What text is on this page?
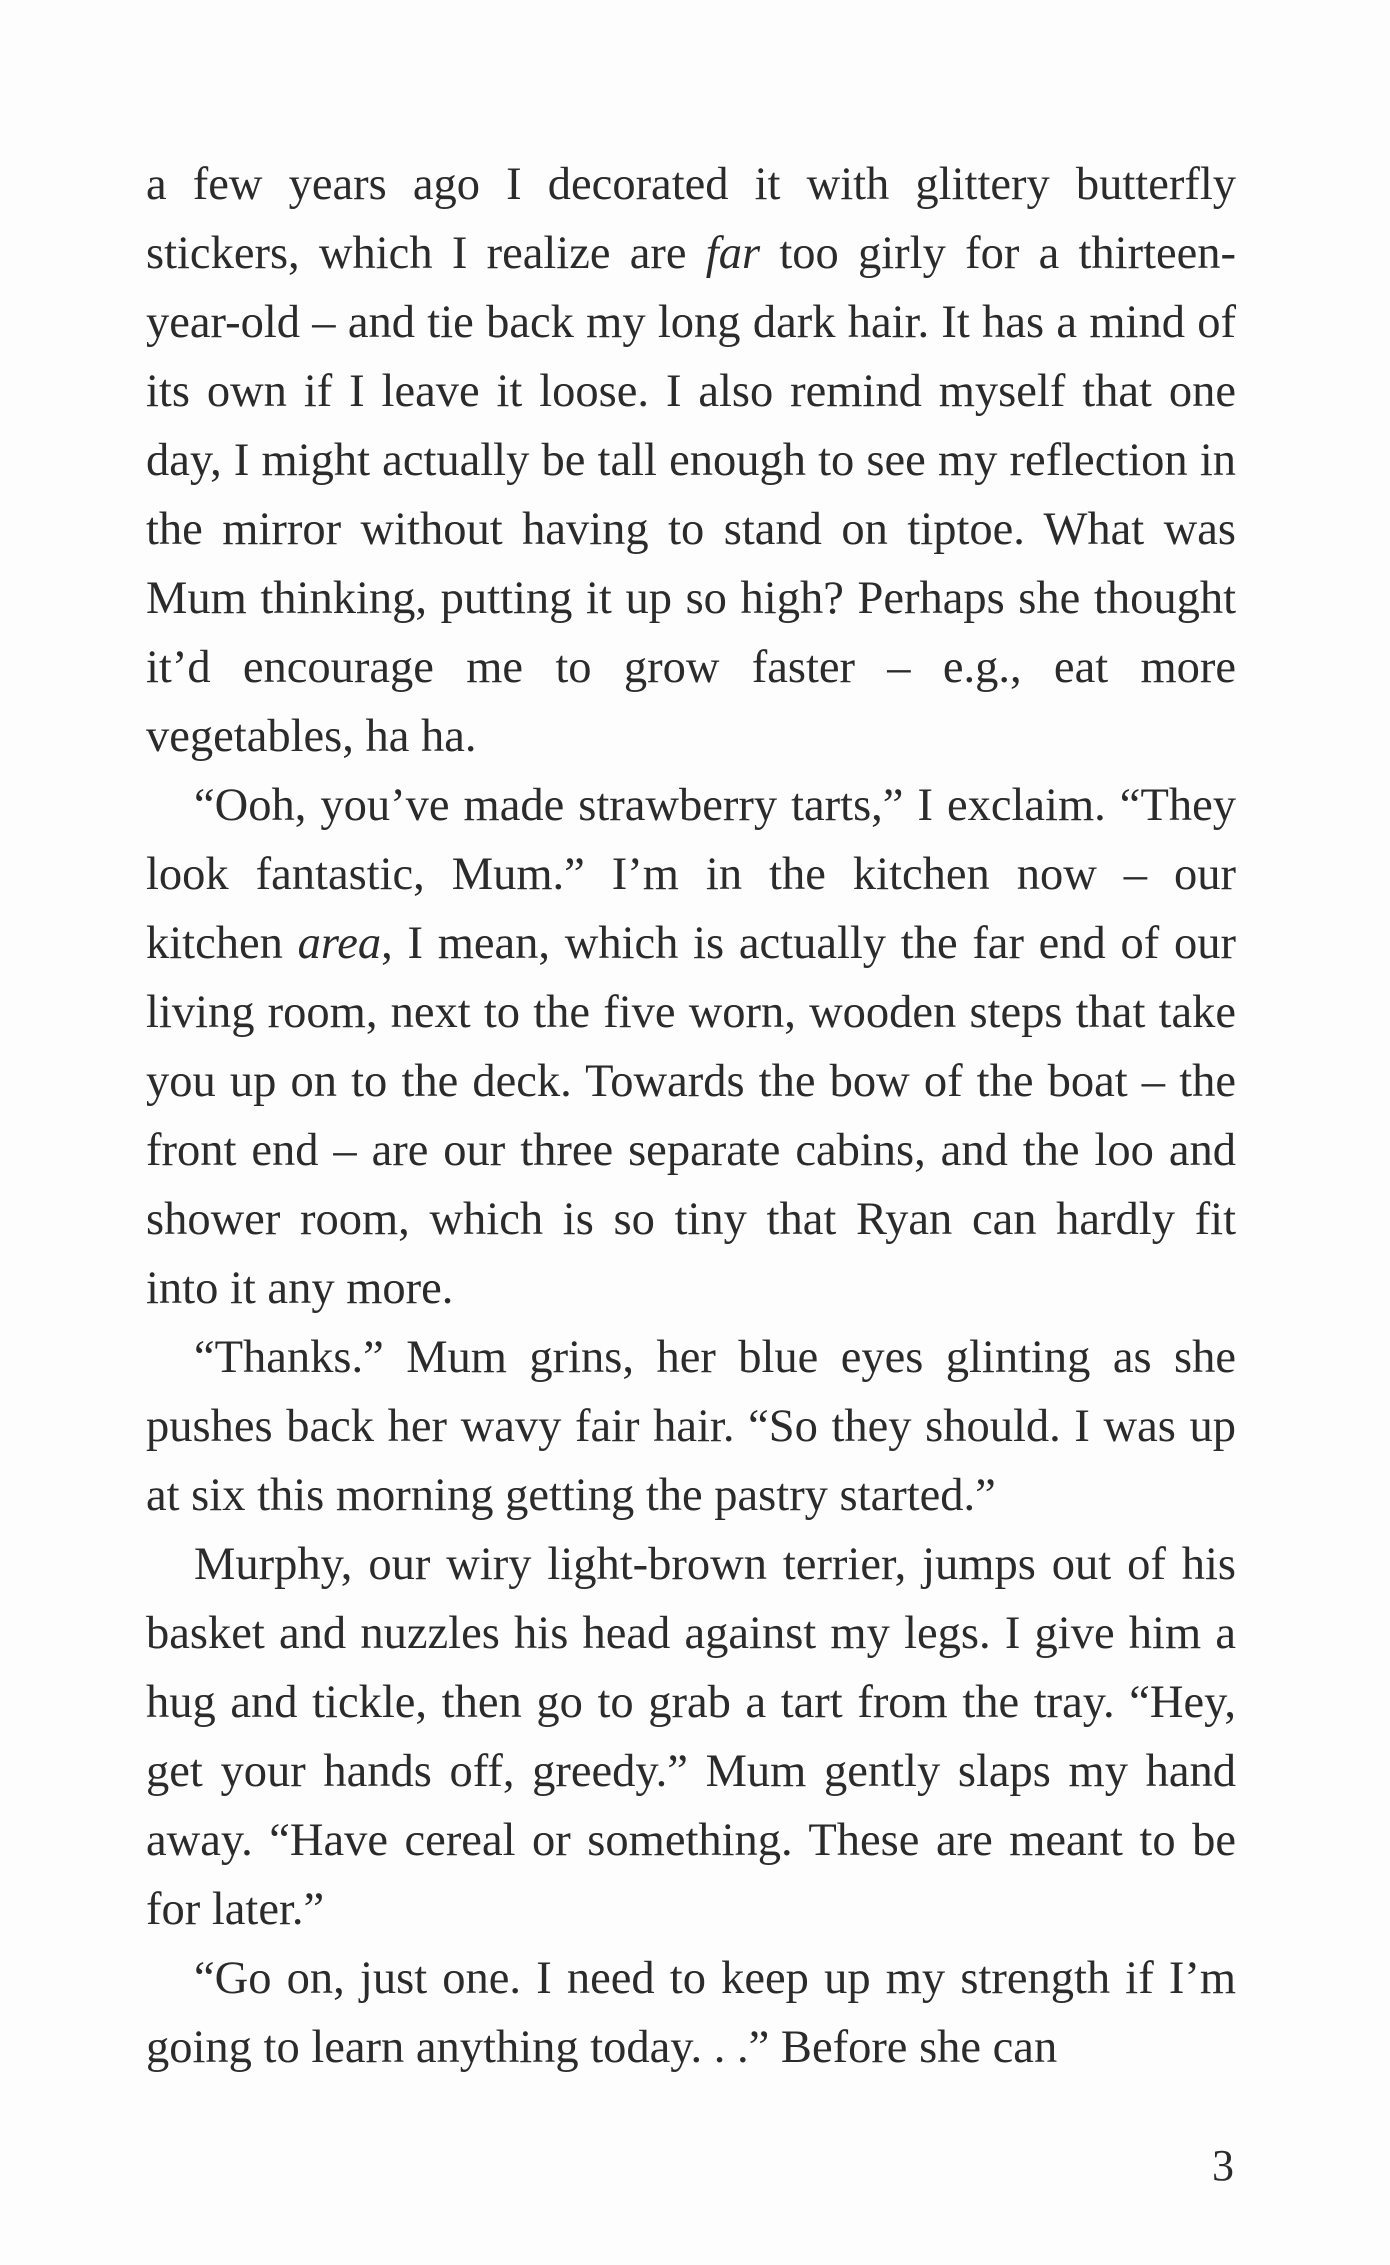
a few years ago I decorated it with glittery butterfly stickers, which I realize are far too girly for a thirteen-year-old – and tie back my long dark hair. It has a mind of its own if I leave it loose. I also remind myself that one day, I might actually be tall enough to see my reflection in the mirror without having to stand on tiptoe. What was Mum thinking, putting it up so high? Perhaps she thought it’d encourage me to grow faster – e.g., eat more vegetables, ha ha.

“Ooh, you’ve made strawberry tarts,” I exclaim. “They look fantastic, Mum.” I’m in the kitchen now – our kitchen area, I mean, which is actually the far end of our living room, next to the five worn, wooden steps that take you up on to the deck. Towards the bow of the boat – the front end – are our three separate cabins, and the loo and shower room, which is so tiny that Ryan can hardly fit into it any more.

“Thanks.” Mum grins, her blue eyes glinting as she pushes back her wavy fair hair. “So they should. I was up at six this morning getting the pastry started.”

Murphy, our wiry light-brown terrier, jumps out of his basket and nuzzles his head against my legs. I give him a hug and tickle, then go to grab a tart from the tray. “Hey, get your hands off, greedy.” Mum gently slaps my hand away. “Have cereal or something. These are meant to be for later.”

“Go on, just one. I need to keep up my strength if I’m going to learn anything today. . .” Before she can

3
